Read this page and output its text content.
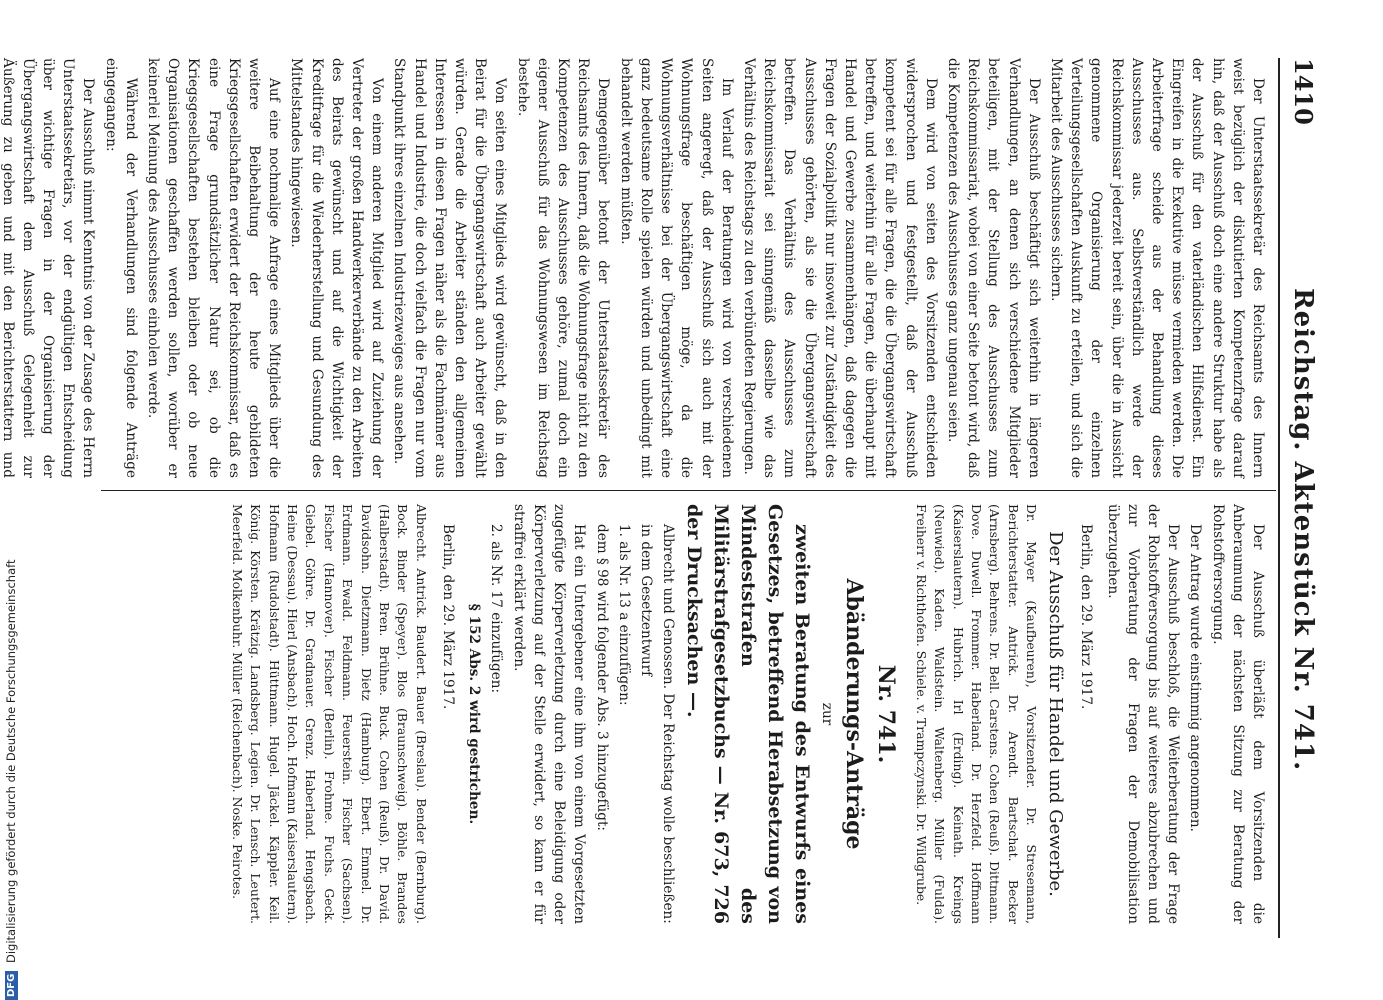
1410
Reichstag. Aktenstück Nr. 741.

Der Unterstaatssekretär des Reichsamts des Innern weist bezüglich der diskutierten Kompetenzfrage darauf hin, daß der Ausschuß doch eine andere Struktur habe als der Ausschuß für den vaterländischen Hilfsdienst. Ein Eingreifen in die Exekutive müsse vermieden werden. Die Arbeiterfrage scheide aus der Behandlung dieses Ausschusses aus. Selbstverständlich werde der Reichskommissar jederzeit bereit sein, über die in Aussicht genommene Organisierung der einzelnen Verteilungsgesellschaften Auskunft zu erteilen, und sich die Mitarbeit des Ausschusses sichern.

Der Ausschuß beschäftigt sich weiterhin in längeren Verhandlungen, an denen sich verschiedene Mitglieder beteiligen, mit der Stellung des Ausschusses zum Reichskommissariat, wobei von einer Seite betont wird, daß die Kompetenzen des Ausschusses ganz ungenau seien.

Dem wird von seiten des Vorsitzenden entschieden widersprochen und festgestellt, daß der Ausschuß kompetent sei für alle Fragen, die die Übergangswirtschaft betreffen, und weiterhin für alle Fragen, die überhaupt mit Handel und Gewerbe zusammenhängen, daß dagegen die Fragen der Sozialpolitik nur insoweit zur Zuständigkeit des Ausschusses gehörten, als sie die Übergangswirtschaft betreffen. Das Verhältnis des Ausschusses zum Reichskommissariat sei sinngemäß dasselbe wie das Verhältnis des Reichstags zu den verbündeten Regierungen.

Im Verlauf der Beratungen wird von verschiedenen Seiten angeregt, daß der Ausschuß sich auch mit der Wohnungsfrage beschäftigen möge, da die Wohnungsverhältnisse bei der Übergangswirtschaft eine ganz bedeutsame Rolle spielen würden und unbedingt mit behandelt werden müßten.

Demgegenüber betont der Unterstaatssekretär des Reichsamts des Innern, daß die Wohnungsfrage nicht zu den Kompetenzen des Ausschusses gehöre, zumal doch ein eigener Ausschuß für das Wohnungswesen im Reichstag bestehe.

Von seiten eines Mitglieds wird gewünscht, daß in den Beirat für die Übergangswirtschaft auch Arbeiter gewählt würden. Gerade die Arbeiter ständen den allgemeinen Interessen in diesen Fragen näher als die Fachmänner aus Handel und Industrie, die doch vielfach die Fragen nur vom Standpunkt ihres einzelnen Industriezweiges aus ansehen.

Von einem anderen Mitglied wird auf Zuziehung der Vertreter der großen Handwerkerverbände zu den Arbeiten des Beirats gewünscht und auf die Wichtigkeit der Kreditfrage für die Wiederherstellung und Gesundung des Mittelstandes hingewiesen.

Auf eine nochmalige Anfrage eines Mitglieds über die weitere Beibehaltung der heute gebildeten Kriegsgesellschaften erwidert der Reichskommissar, daß es eine Frage grundsätzlicher Natur sei, ob die Kriegsgesellschaften bestehen bleiben oder ob neue Organisationen geschaffen werden sollen, worüber er keinerlei Meinung des Ausschusses einholen werde.

Während der Verhandlungen sind folgende Anträge eingegangen:

Der Ausschuß nimmt Kenntnis von der Zusage des Herrn Unterstaatssekretärs, vor der endgültigen Entscheidung über wichtige Fragen in der Organisierung der Übergangswirtschaft dem Ausschuß Gelegenheit zur Äußerung zu geben und mit den Berichterstattern und

Der Ausschuß überläßt dem Vorsitzenden die Anberaumung der nächsten Sitzung zur Beratung der Rohstoffversorgung.

Der Antrag wurde einstimmig angenommen.

Der Ausschuß beschloß, die Weiterberatung der Frage der Rohstoffversorgung bis auf weiteres abzubrechen und zur Vorberatung der Fragen der Demobilisation überzugehen.

Berlin, den 29. März 1917.

Der Ausschuß für Handel und Gewerbe.

Dr. Mayer (Kaufbeuren), Vorsitzender. Dr. Stresemann, Berichterstatter. Antrick. Dr. Arendt. Bartschat. Becker (Arnsberg). Behrens. Dr. Bell. Carstens. Cohen (Reuß). Dittmann. Dove. Duwell. Frommer. Haberland. Dr. Herzfeld. Hoffmann (Kaiserslautern). Hubrich. Irl (Erding). Keinath. Kreings (Neuwied). Kaden. Waldstein. Waltenberg. Müller (Fulda). Freiherr v. Richthofen. Schiele. v. Trampczynski. Dr. Wildgrube.

Nr. 741.

Abänderungs-Anträge

zur

zweiten Beratung des Entwurfs eines Gesetzes, betreffend Herabsetzung von Mindeststrafen des Militärstrafgesetzbuchs — Nr. 673, 726 der Drucksachen —.

Albrecht und Genossen. Der Reichstag wolle beschließen:

in dem Gesetzentwurf

1. als Nr. 13 a einzufügen:

dem § 98 wird folgender Abs. 3 hinzugefügt:

Hat ein Untergebener eine ihm von einem Vorgesetzten zugefügte Körperverletzung durch eine Beleidigung oder Körperverletzung auf der Stelle erwidert, so kann er für straffrei erklärt werden.

2. als Nr. 17 einzufügen:

§ 152 Abs. 2 wird gestrichen.

Berlin, den 29. März 1917.

Albrecht. Antrick. Baudert. Bauer (Breslau). Bender (Bernburg). Bock. Binder (Speyer). Blos (Braunschweig). Böhle. Brandes (Halberstadt). Bren. Brühne. Buck. Cohen (Reuß). Dr. David. Davidsohn. Dietzmann. Dietz (Hamburg). Ebert. Emmel. Dr. Erdmann. Ewald. Feldmann. Feuerstein. Fischer (Sachsen). Fischer (Hannover). Fischer (Berlin). Frohme. Fuchs. Geck. Giebel. Göhre. Dr. Gradnauer. Grenz. Haberland. Hengsbach. Heine (Dessau). Hierl (Ansbach). Hoch. Hofmann (Kaiserslautern). Hofmann (Rudolstadt). Hüttmann. Hugel. Jäckel. Käppler. Keil. König. Körsten. Krätzig. Landsberg. Legien. Dr. Lensch. Leutert. Meerfeld. Molkenbuhr. Müller (Reichenbach). Noske. Peirotes.

DFG Digitalisierung gefördert durch die Deutsche Forschungsgemeinschaft
